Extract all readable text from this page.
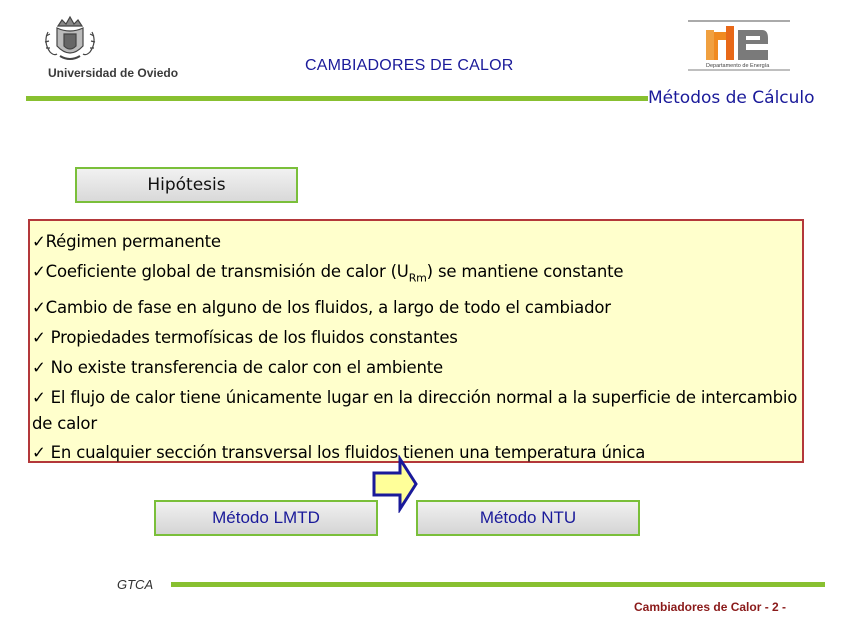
Universidad de Oviedo	CAMBIADORES DE CALOR	Departamento de Energía
Métodos de Cálculo
Hipótesis
✓Régimen permanente
✓Coeficiente global de transmisión de calor $(U_{Rm})$ se mantiene constante
✓Cambio de fase en alguno de los fluidos, a largo de todo el cambiador
✓ Propiedades termofísicas de los fluidos constantes
✓ No existe transferencia de calor con el ambiente
✓ El flujo de calor tiene únicamente lugar en la dirección normal a la superficie de intercambio de calor
✓ En cualquier sección transversal los fluidos tienen una temperatura única
Método LMTD	Método NTU
GTCA
Cambiadores de Calor - 2 -
